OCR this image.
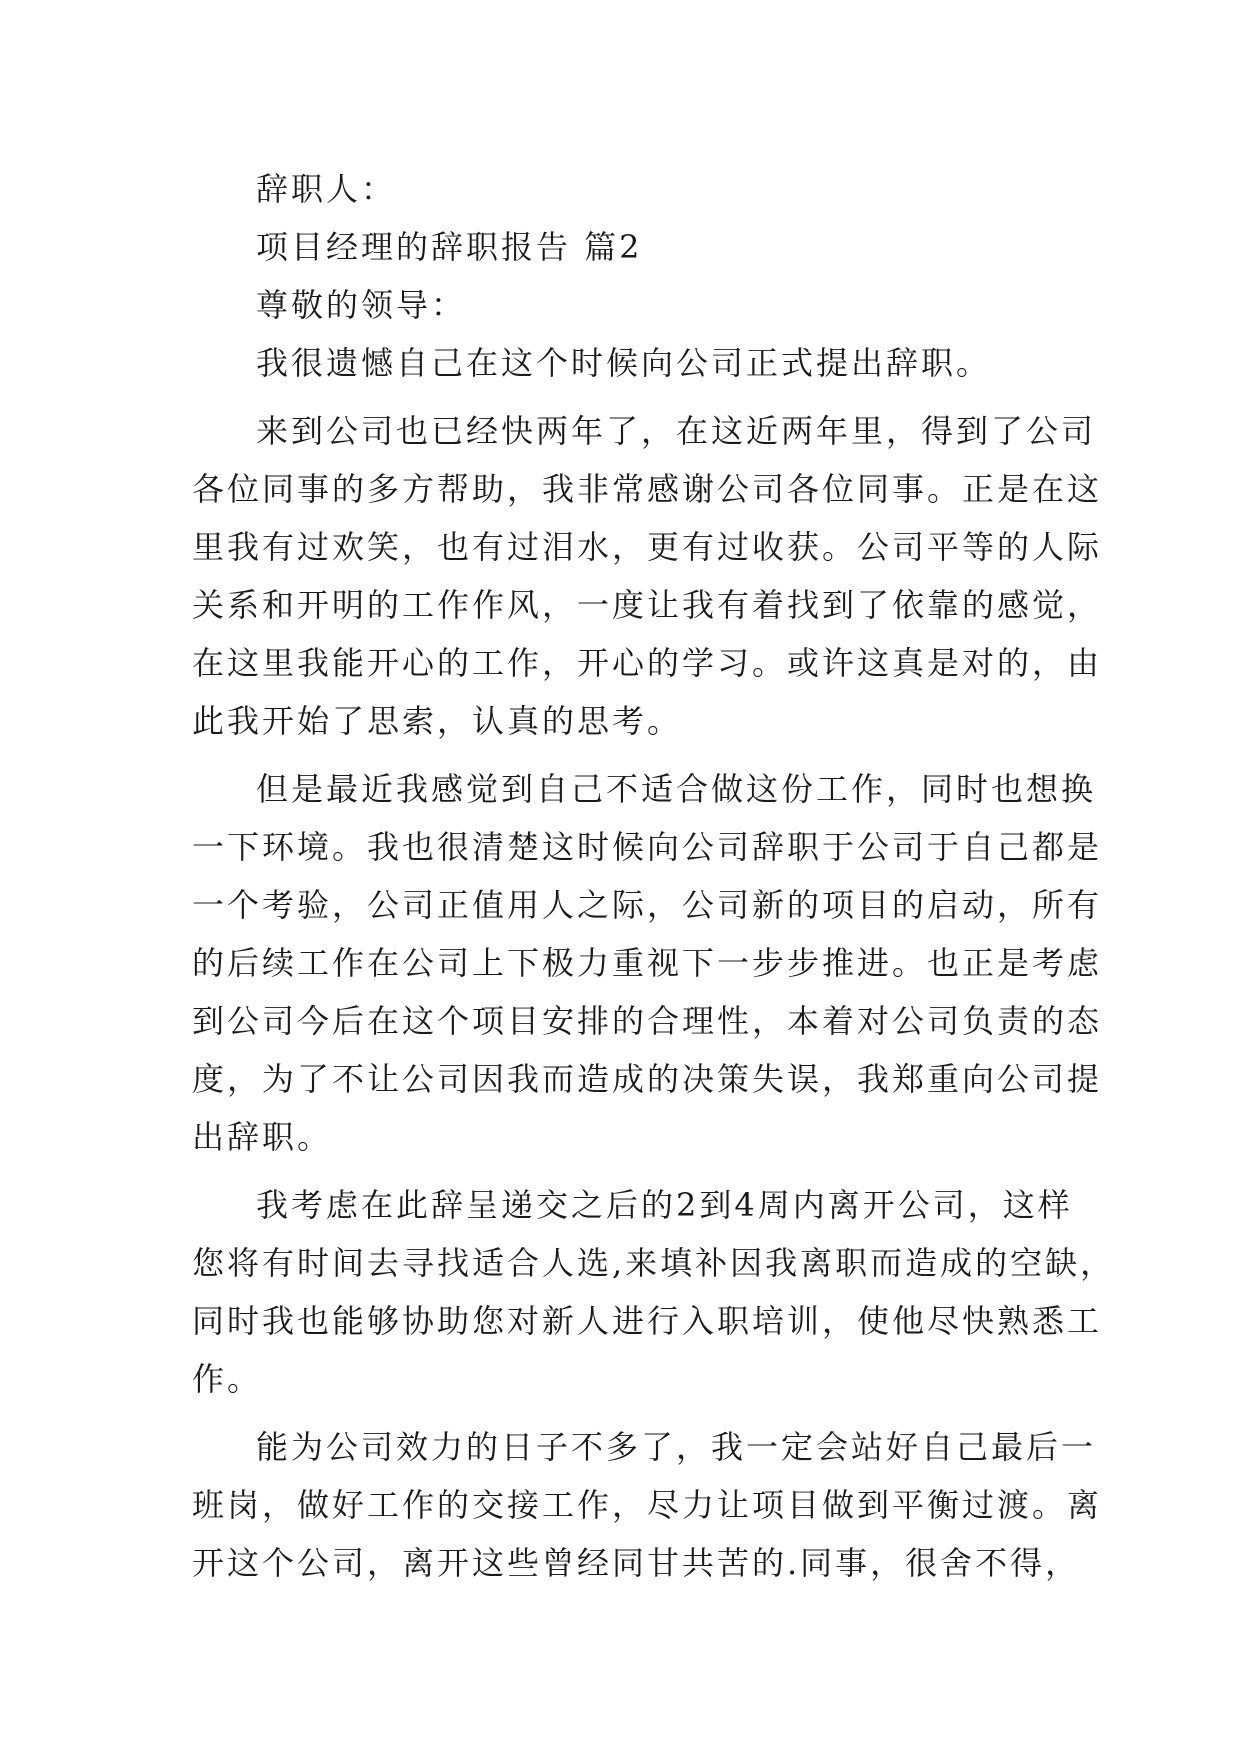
辞职人：
项目经理的辞职报告 篇2
尊敬的领导：
我很遗憾自己在这个时候向公司正式提出辞职。
来到公司也已经快两年了，在这近两年里，得到了公司
各位同事的多方帮助，我非常感谢公司各位同事。正是在这
里我有过欢笑，也有过泪水，更有过收获。公司平等的人际
关系和开明的工作作风，一度让我有着找到了依靠的感觉，
在这里我能开心的工作，开心的学习。或许这真是对的，由
此我开始了思索，认真的思考。
但是最近我感觉到自己不适合做这份工作，同时也想换
一下环境。我也很清楚这时候向公司辞职于公司于自己都是
一个考验，公司正值用人之际，公司新的项目的启动，所有
的后续工作在公司上下极力重视下一步步推进。也正是考虑
到公司今后在这个项目安排的合理性，本着对公司负责的态
度，为了不让公司因我而造成的决策失误，我郑重向公司提
出辞职。
我考虑在此辞呈递交之后的2到4周内离开公司，这样
您将有时间去寻找适合人选,来填补因我离职而造成的空缺，
同时我也能够协助您对新人进行入职培训，使他尽快熟悉工
作。
能为公司效力的日子不多了，我一定会站好自己最后一
班岗，做好工作的交接工作，尽力让项目做到平衡过渡。离
开这个公司，离开这些曾经同甘共苦的.同事，很舍不得，
